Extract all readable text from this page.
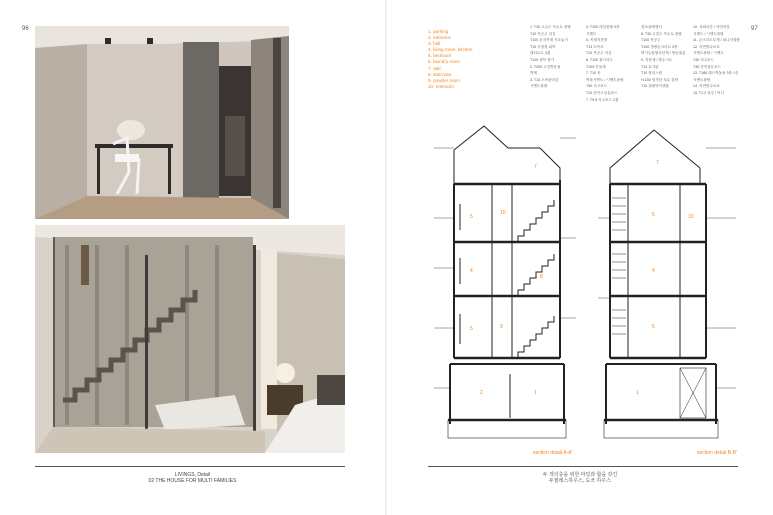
96
LIVINGS, Detail
02 THE HOUSE FOR MULTI FAMILIES
97
1. parking
2. entrance
3. hall
4. living room, kitchen
5. bedroom
6. laundry room
7. attic
8. staircase
9. powder room
10. restroom
1. T30 고급도 목수토 몰탈
T10 목공주 마감
T100 폰지목재 기초놓기
T10 부정형 피막
레티로트 3겹
T100 정목 철가
2. T200 고밀방음용
벽체
3. T13 오목판마감
시멘트몰탈
4. T100 레일몰탈 3중
시멘트
5. 목재지붕틀
T13 도목조
T10 목공주 마감
6. T100 철크리트
T100 단열재
7. T10 목
벽돌시멘트 / 시멘트몰탈
T40 석고보드
T10 종이고섬유보드
7. T9.5 석고보드 2겹
경보관제센터
8. T30 고밀도 목수토 몰탈
T100 목공주
T100 경량콘크리트 3중
벽기능통합차단재 / 방습필름
9. 지붕재 / 방수시트
T13 무기판
T10 폴리스틸
H-150 엄격한 치수 결합
T10 경량하이센폴
10. 석회마감 / 석면마감
시멘트 / 시멘트몰탈
11. 콘크리트부재 / 퍼니처결합
12. 지면방수보호
시멘트몰탈 / 시멘트
T40 석고보드
T30 종이섬유보드
13. T180 레드벽돌용 3중 1층
시멘트몰탈
14. 지면방수보호
15. T1.2 알루 / 씨디
7
5
10
4
8
5	9
2	1
7
5	10
4
5
1
section detail A-A'	section detail B-B'
두 개의층을 위한 마당과 합을 갖긴
두필레스하우스, 도쓰 하우스
